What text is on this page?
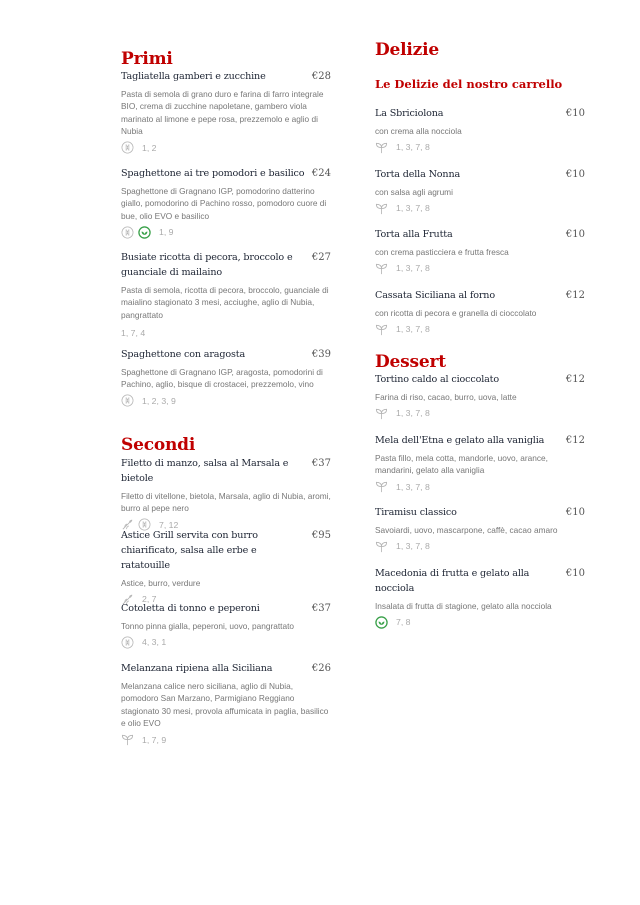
Primi
Tagliatella gamberi e zucchine	€28
Pasta di semola di grano duro e farina di farro integrale BIO, crema di zucchine napoletane, gambero viola marinato al limone e pepe rosa, prezzemolo e aglio di Nubia
1, 2
Spaghettone ai tre pomodori e basilico €24
Spaghettone di Gragnano IGP, pomodorino datterino giallo, pomodorino di Pachino rosso, pomodoro cuore di bue, olio EVO e basilico
1, 9
Busiate ricotta di pecora, broccolo e guanciale di mailaino
€27
Pasta di semola, ricotta di pecora, broccolo, guanciale di maialino stagionato 3 mesi, acciughe, aglio di Nubia, pangrattato
1, 7, 4
Spaghettone con aragosta	€39
Spaghettone di Gragnano IGP, aragosta, pomodorini di Pachino, aglio, bisque di crostacei, prezzemolo, vino
1, 2, 3, 9
Secondi
Filetto di manzo, salsa al Marsala e bietole
€37
Filetto di vitellone, bietola, Marsala, aglio di Nubia, aromi, burro al pepe nero
7, 12
Astice Grill servita con burro chiarificato, salsa alle erbe e ratatouille
€95
Astice, burro, verdure
2, 7
Cotoletta di tonno e peperoni	€37
Tonno pinna gialla, peperoni, uovo, pangrattato
4, 3, 1
Melanzana ripiena alla Siciliana	€26
Melanzana calice nero siciliana, aglio di Nubia, pomodoro San Marzano, Parmigiano Reggiano stagionato 30 mesi, provola affumicata in paglia, basilico e olio EVO
1, 7, 9
Delizie
Le Delizie del nostro carrello
La Sbriciolona	€10
con crema alla nocciola
1, 3, 7, 8
Torta della Nonna	€10
con salsa agli agrumi
1, 3, 7, 8
Torta alla Frutta	€10
con crema pasticciera e frutta fresca
1, 3, 7, 8
Cassata Siciliana al forno	€12
con ricotta di pecora e granella di cioccolato
1, 3, 7, 8
Dessert
Tortino caldo al cioccolato	€12
Farina di riso, cacao, burro, uova, latte
1, 3, 7, 8
Mela dell'Etna e gelato alla vaniglia €12
Pasta fillo, mela cotta, mandorle, uovo, arance, mandarini, gelato alla vaniglia
1, 3, 7, 8
Tiramisu classico	€10
Savoiardi, uovo, mascarpone, caffè, cacao amaro
1, 3, 7, 8
Macedonia di frutta e gelato alla nocciola
€10
Insalata di frutta di stagione, gelato alla nocciola
7, 8
